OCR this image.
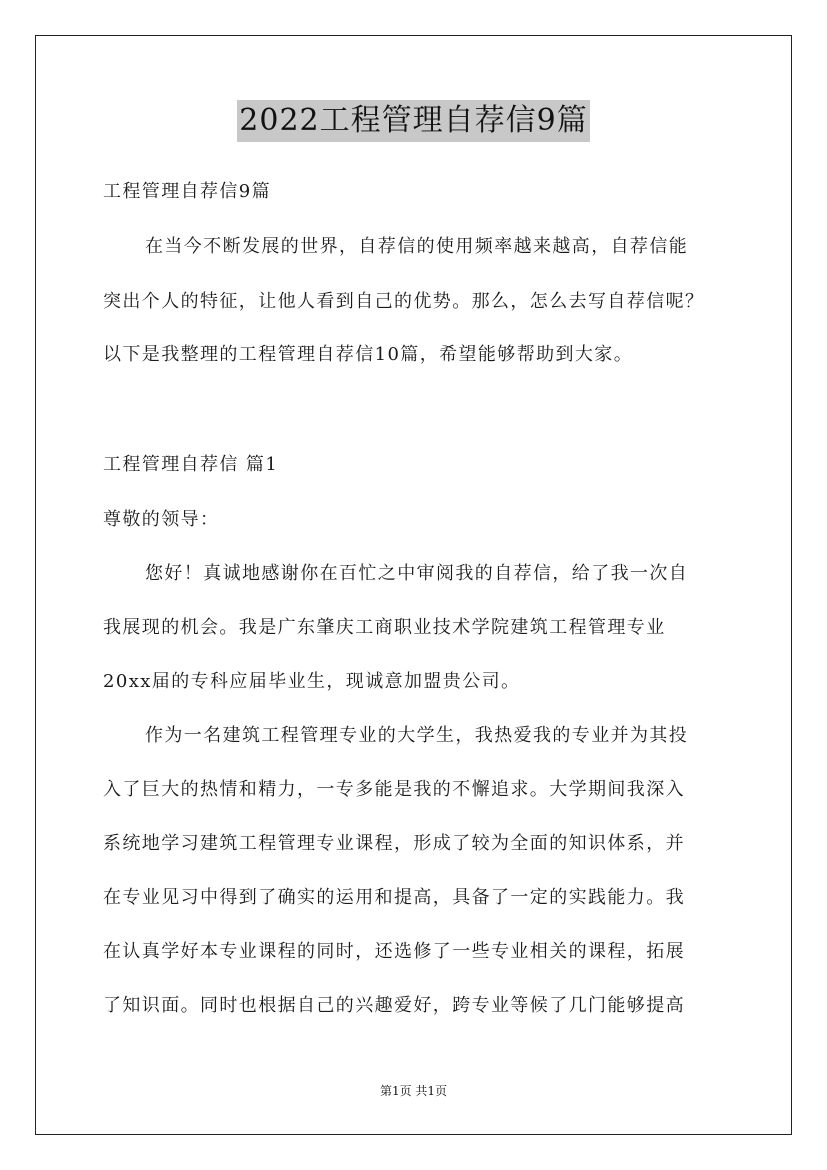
2022工程管理自荐信9篇
工程管理自荐信9篇
在当今不断发展的世界，自荐信的使用频率越来越高，自荐信能
突出个人的特征，让他人看到自己的优势。那么，怎么去写自荐信呢？
以下是我整理的工程管理自荐信10篇，希望能够帮助到大家。
工程管理自荐信 篇1
尊敬的领导：
您好！真诚地感谢你在百忙之中审阅我的自荐信，给了我一次自
我展现的机会。我是广东肇庆工商职业技术学院建筑工程管理专业
20xx届的专科应届毕业生，现诚意加盟贵公司。
作为一名建筑工程管理专业的大学生，我热爱我的专业并为其投
入了巨大的热情和精力，一专多能是我的不懈追求。大学期间我深入
系统地学习建筑工程管理专业课程，形成了较为全面的知识体系，并
在专业见习中得到了确实的运用和提高，具备了一定的实践能力。我
在认真学好本专业课程的同时，还选修了一些专业相关的课程，拓展
了知识面。同时也根据自己的兴趣爱好，跨专业等候了几门能够提高
第1页 共1页
